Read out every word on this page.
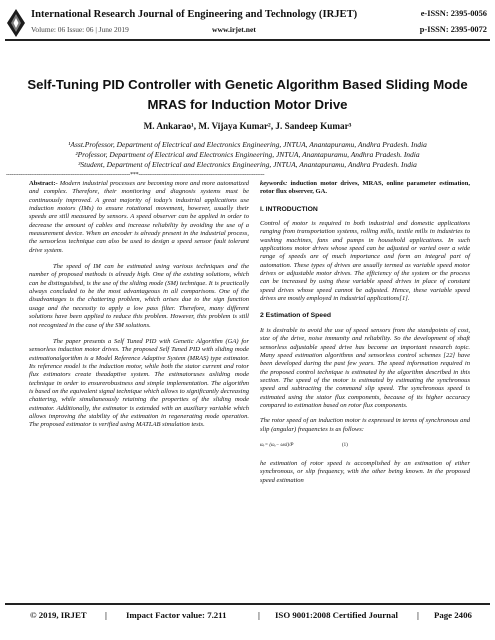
International Research Journal of Engineering and Technology (IRJET)	e-ISSN: 2395-0056
Volume: 06 Issue: 06 | June 2019	www.irjet.net	p-ISSN: 2395-0072
Self-Tuning PID Controller with Genetic Algorithm Based Sliding Mode MRAS for Induction Motor Drive
M. Ankarao¹, M. Vijaya Kumar², J. Sandeep Kumar³
¹Asst.Professor, Department of Electrical and Electronics Engineering, JNTUA, Anantapuramu, Andhra Pradesh. India
²Professor, Department of Electrical and Electronics Engineering, JNTUA, Anantapuramu, Andhra Pradesh. India
³Student, Department of Electrical and Electronics Engineering, JNTUA, Anantapuramu, Andhra Pradesh. India
---------------------------------------------------------------------***----------------------------------------------------------------------

Abstract:- Modern industrial processes are becoming more and more automatized and complex. Therefore, their monitoring and diagnosis systems must be continuously improved. A great majority of today's industrial applications use induction motors (IMs) to ensure rotational movement, however, usually their speeds are still measured by sensors. A speed observer can be applied in order to decrease the amount of cables and increase reliability by avoiding the use of a measurement device. When an encoder is already present in the industrial process, the sensorless technique can also be used to design a speed sensor fault tolerant drive system.

The speed of IM can be estimated using various techniques and the number of proposed methods is already high. One of the existing solutions, which can be distinguished, is the use of the sliding mode (SM) technique. It is practically always concluded to be the most advantageous in all comparisons. One of the disadvantages is the chattering problem, which arises due to the sign function usage and the necessity to apply a low pass filter. Therefore, many different solutions have been applied to reduce this problem. However, this problem is still not recognized in the case of the SM solutions.

The paper presents a Self Tuned PID with Genetic Algorithm (GA) for sensorless induction motor drives. The proposed Self Tuned PID with sliding mode estimationalgorithm is a Model Reference Adaptive System (MRAS) type estimator. Its reference model is the induction motor, while both the stator current and rotor flux estimators create theadaptive system. The estimatoruses asliding mode technique in order to ensurerobustness and simple implementation. The algorithm is based on the equivalent signal technique which allows to significantly decreasing chattering, while simultaneously retaining the properties of the sliding mode estimator. Additionally, the estimator is extended with an auxiliary variable which allows improving the stability of the estimation in regenerating mode operation. The proposed estimator is verified using MATLAB simulation tests.

keywords: induction motor drives, MRAS, online parameter estimation, rotor flux observer, GA.

I. INTRODUCTION

Control of motor is required in both industrial and domestic applications ranging from transportation systems, rolling mills, textile mills in industries to washing machines, fans and pumps in household applications. In such applications motor drives whose speed can be adjusted or varied over a wide range of speeds are of much importance and form an integral part of automation. These types of drives are usually termed as variable speed motor drives or adjustable motor drives. The efficiency of the system or the process can be increased by using these variable speed drives in place of constant speed drives whose speed cannot be adjusted. Hence, these variable speed drives are mostly employed in industrial applications[1].

2 Estimation of Speed

It is desirable to avoid the use of speed sensors from the standpoints of cost, size of the drive, noise immunity and reliability. So the development of shaft sensorless adjustable speed drive has become an important research topic. Many speed estimation algorithms and sensorless control schemes [22] have been developed during the past few years. The speed information required in the proposed control technique is estimated by the algorithm described in this section. The speed of the motor is estimated by estimating the synchronous speed and subtracting the command slip speed. The synchronous speed is estimated using the stator flux components, because of its higher accuracy compared to estimation based on rotor flux components.

The rotor speed of an induction motor is expressed in terms of synchronous and slip (angular) frequencies is as follows:

ωᵣ= (ωₑ− ωsl)/P	(1)

he estimation of rotor speed is accomplished by an estimation of either synchronous, or slip frequency, with the other being known. In the proposed speed estimation

© 2019, IRJET | Impact Factor value: 7.211	| ISO 9001:2008 Certified Journal | Page 2406
